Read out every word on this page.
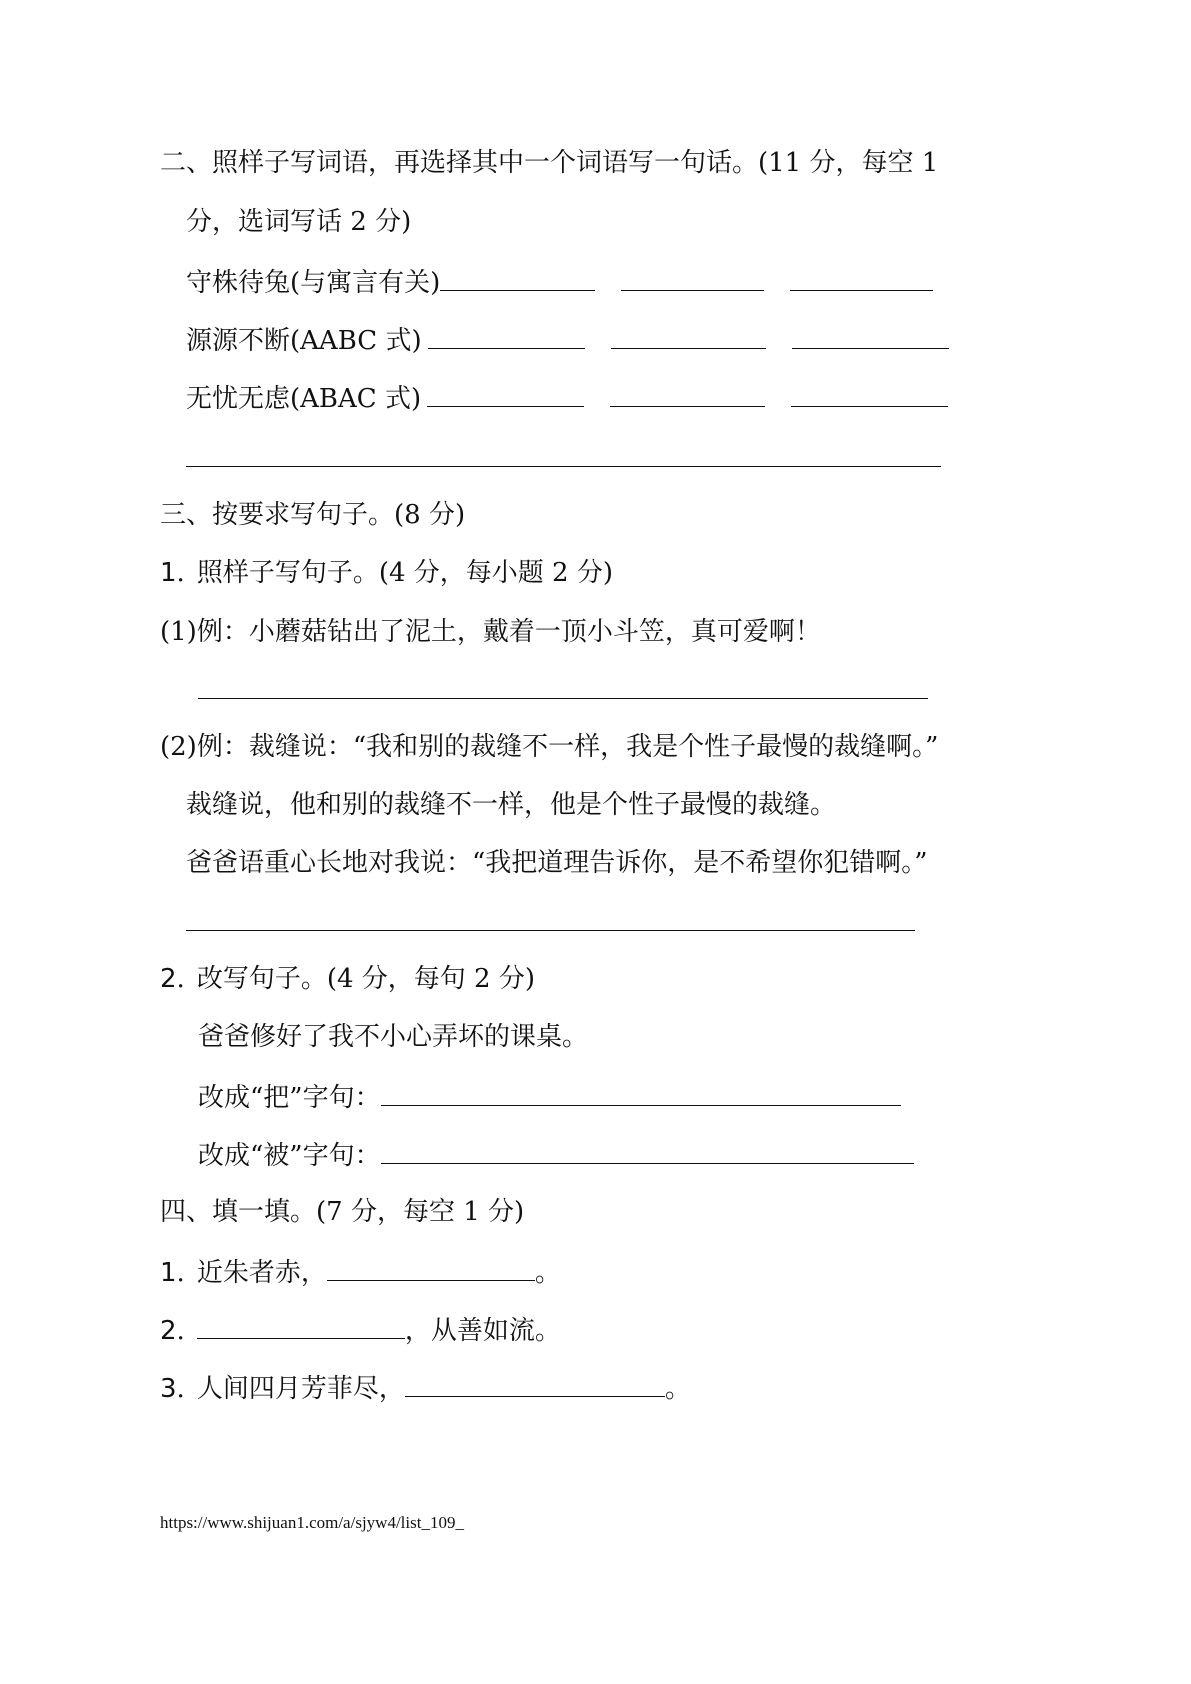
二、照样子写词语，再选择其中一个词语写一句话。(11 分，每空 1
分，选词写话 2 分)
守株待兔(与寓言有关)
源源不断(AABC 式)
无忧无虑(ABAC 式)
三、按要求写句子。(8 分)
1. 照样子写句子。(4 分，每小题 2 分)
(1)例：小蘑菇钻出了泥土，戴着一顶小斗笠，真可爱啊！
(2)例：裁缝说：“我和别的裁缝不一样，我是个性子最慢的裁缝啊。”
裁缝说，他和别的裁缝不一样，他是个性子最慢的裁缝。
爸爸语重心长地对我说：“我把道理告诉你，是不希望你犯错啊。”
2. 改写句子。(4 分，每句 2 分)
爸爸修好了我不小心弄坏的课桌。
改成“把”字句：
改成“被”字句：
四、填一填。(7 分，每空 1 分)
1. 近朱者赤，	。
2.	，从善如流。
3. 人间四月芳菲尽，	。
https://www.shijuan1.com/a/sjyw4/list_109_
